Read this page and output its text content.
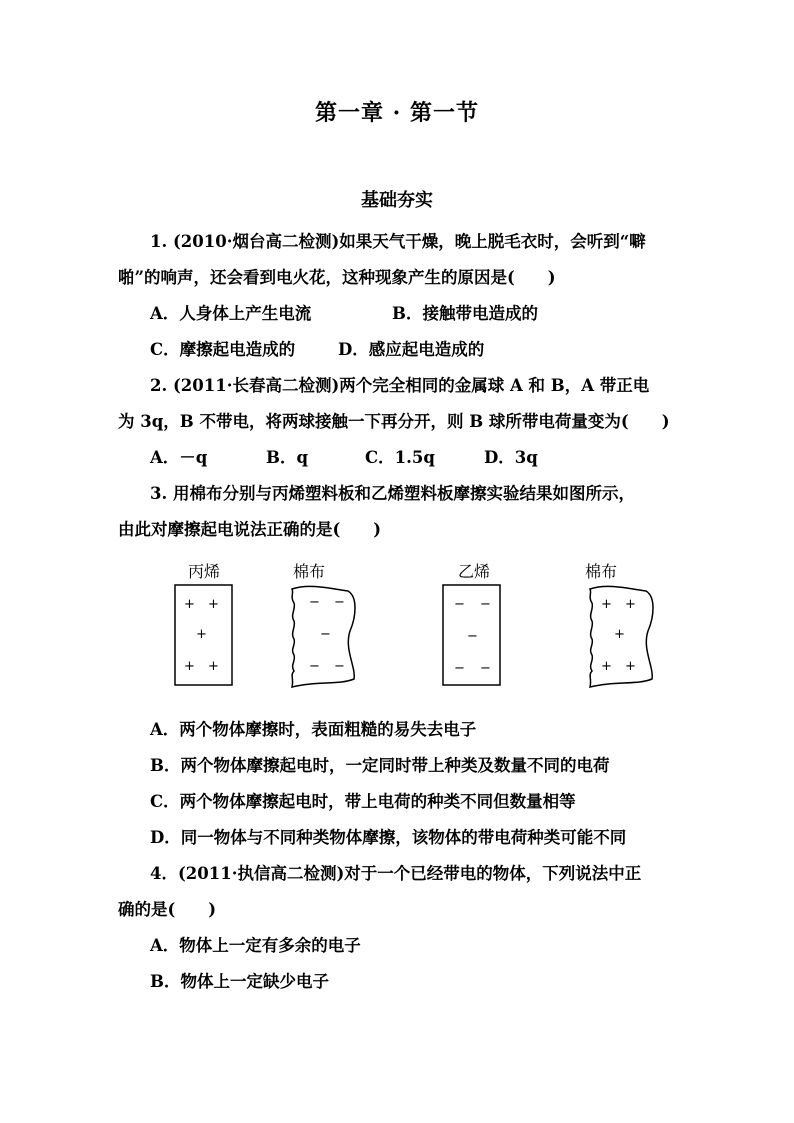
第一章 · 第一节
基础夯实
1. (2010·烟台高二检测)如果天气干燥，晚上脱毛衣时，会听到“噼
啪”的响声，还会看到电火花，这种现象产生的原因是(　　)
A．人身体上产生电流	B．接触带电造成的
C．摩擦起电造成的	D．感应起电造成的
2. (2011·长春高二检测)两个完全相同的金属球 A 和 B，A 带正电
为 3q，B 不带电，将两球接触一下再分开，则 B 球所带电荷量变为(　　)
A．－q	B．q	C．1.5q	D．3q
3. 用棉布分别与丙烯塑料板和乙烯塑料板摩擦实验结果如图所示，
由此对摩擦起电说法正确的是(　　)
丙烯	棉布	乙烯	棉布
+ +
+
+ +
− −
−
− −
− −
−
− −
+ +
+
+ +
A．两个物体摩擦时，表面粗糙的易失去电子
B．两个物体摩擦起电时，一定同时带上种类及数量不同的电荷
C．两个物体摩擦起电时，带上电荷的种类不同但数量相等
D．同一物体与不同种类物体摩擦，该物体的带电荷种类可能不同
4．(2011·执信高二检测)对于一个已经带电的物体，下列说法中正
确的是(　　)
A．物体上一定有多余的电子
B．物体上一定缺少电子
